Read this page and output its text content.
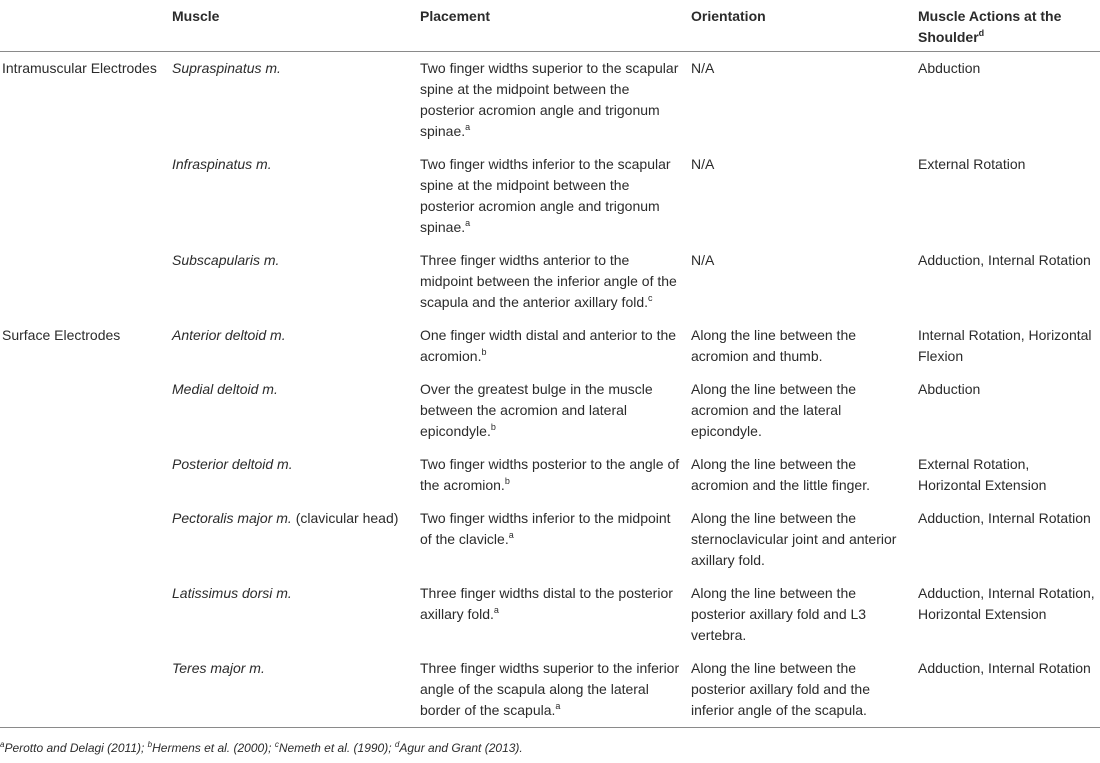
	Muscle	Placement	Orientation	Muscle Actions at the Shoulder$^d$
Intramuscular Electrodes	Supraspinatus m.	Two finger widths superior to the scapular spine at the midpoint between the posterior acromion angle and trigonum spinae.$^a$	N/A	Abduction
	Infraspinatus m.	Two finger widths inferior to the scapular spine at the midpoint between the posterior acromion angle and trigonum spinae.$^a$	N/A	External Rotation
	Subscapularis m.	Three finger widths anterior to the midpoint between the inferior angle of the scapula and the anterior axillary fold.$^c$	N/A	Adduction, Internal Rotation
Surface Electrodes	Anterior deltoid m.	One finger width distal and anterior to the acromion.$^b$	Along the line between the acromion and thumb.	Internal Rotation, Horizontal Flexion
	Medial deltoid m.	Over the greatest bulge in the muscle between the acromion and lateral epicondyle.$^b$	Along the line between the acromion and the lateral epicondyle.	Abduction
	Posterior deltoid m.	Two finger widths posterior to the angle of the acromion.$^b$	Along the line between the acromion and the little finger.	External Rotation, Horizontal Extension
	Pectoralis major m. (clavicular head)	Two finger widths inferior to the midpoint of the clavicle.$^a$	Along the line between the sternoclavicular joint and anterior axillary fold.	Adduction, Internal Rotation
	Latissimus dorsi m.	Three finger widths distal to the posterior axillary fold.$^a$	Along the line between the posterior axillary fold and L3 vertebra.	Adduction, Internal Rotation, Horizontal Extension
	Teres major m.	Three finger widths superior to the inferior angle of the scapula along the lateral border of the scapula.$^a$	Along the line between the posterior axillary fold and the inferior angle of the scapula.	Adduction, Internal Rotation
$^a$Perotto and Delagi (2011); $^b$Hermens et al. (2000); $^c$Nemeth et al. (1990); $^d$Agur and Grant (2013).
